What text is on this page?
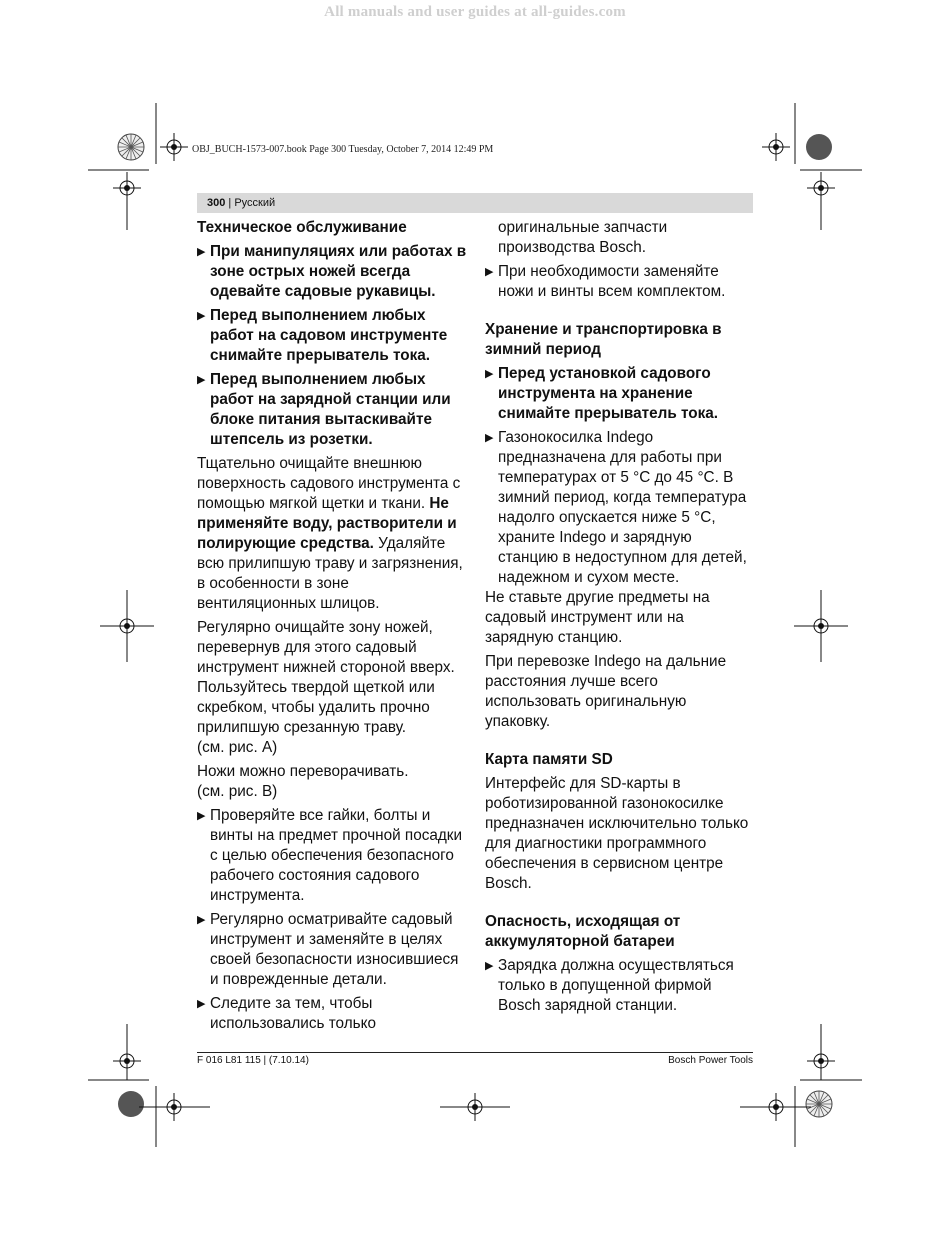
All manuals and user guides at all-guides.com
OBJ_BUCH-1573-007.book Page 300 Tuesday, October 7, 2014 12:49 PM
300 | Русский
Техническое обслуживание
▶ При манипуляциях или работах в зоне острых ножей всегда одевайте садовые рукавицы.
▶ Перед выполнением любых работ на садовом инструменте снимайте прерыватель тока.
▶ Перед выполнением любых работ на зарядной станции или блоке питания вытаскивайте штепсель из розетки.

Тщательно очищайте внешнюю поверхность садового инструмента с помощью мягкой щетки и ткани. Не применяйте воду, растворители и полирующие средства. Удаляйте всю прилипшую траву и загрязнения, в особенности в зоне вентиляционных шлицов.

Регулярно очищайте зону ножей, перевернув для этого садовый инструмент нижней стороной вверх. Пользуйтесь твердой щеткой или скребком, чтобы удалить прочно прилипшую срезанную траву.

(см. рис. A)

Ножи можно переворачивать.

(см. рис. B)

▶ Проверяйте все гайки, болты и винты на предмет прочной посадки с целью обеспечения безопасного рабочего состояния садового инструмента.
▶ Регулярно осматривайте садовый инструмент и заменяйте в целях своей безопасности износившиеся и поврежденные детали.
▶ Следите за тем, чтобы использовались только

оригинальные запчасти производства Bosch.

▶ При необходимости заменяйте ножи и винты всем комплектом.
Хранение и транспортировка в зимний период
▶ Перед установкой садового инструмента на хранение снимайте прерыватель тока.
▶ Газонокосилка Indego предназначена для работы при температурах от 5 °C до 45 °C. В зимний период, когда температура надолго опускается ниже 5 °C, храните Indego и зарядную станцию в недоступном для детей, надежном и сухом месте.

Не ставьте другие предметы на садовый инструмент или на зарядную станцию.

При перевозке Indego на дальние расстояния лучше всего использовать оригинальную упаковку.

Карта памяти SD

Интерфейс для SD-карты в роботизированной газонокосилке предназначен исключительно только для диагностики программного обеспечения в сервисном центре Bosch.

Опасность, исходящая от аккумуляторной батареи
▶ Зарядка должна осуществляться только в допущенной фирмой Bosch зарядной станции.
F 016 L81 115 | (7.10.14)	Bosch Power Tools
